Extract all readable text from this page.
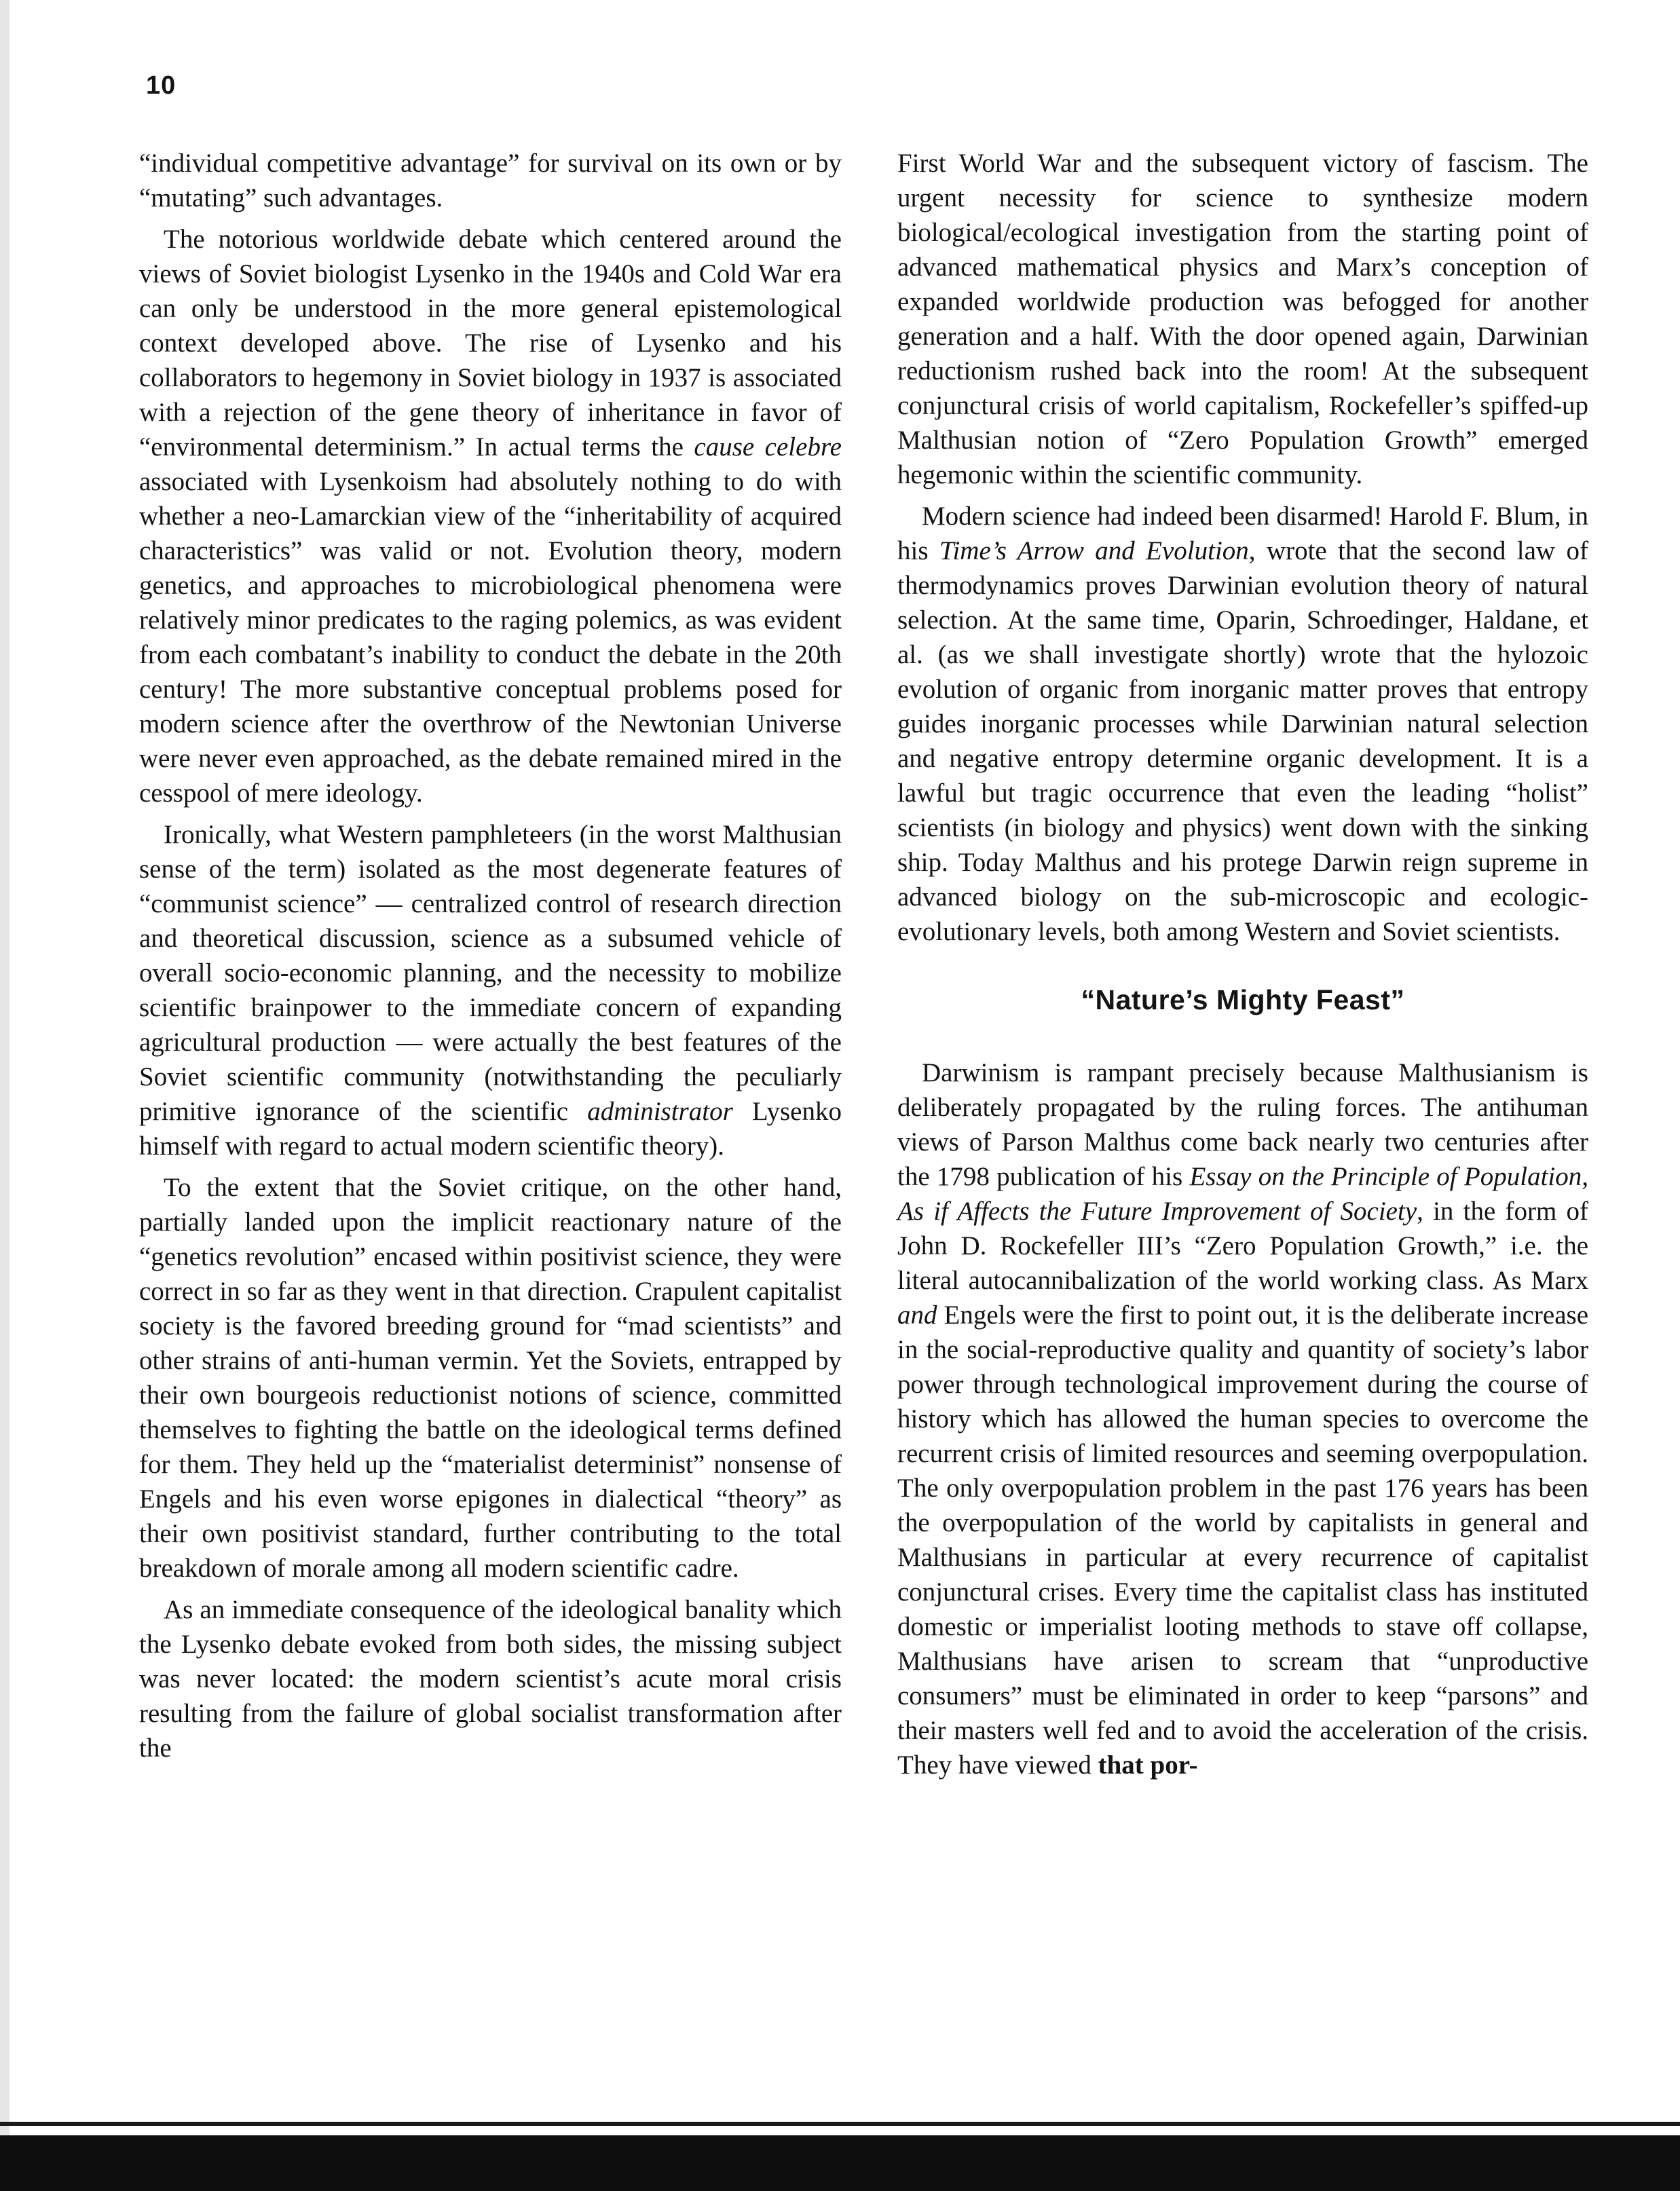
10

“individual competitive advantage” for survival on its own or by “mutating” such advantages.

The notorious worldwide debate which centered around the views of Soviet biologist Lysenko in the 1940s and Cold War era can only be understood in the more general epistemological context developed above. The rise of Lysenko and his collaborators to hegemony in Soviet biology in 1937 is associated with a rejection of the gene theory of inheritance in favor of “environmental determinism.” In actual terms the cause celebre associated with Lysenkoism had absolutely nothing to do with whether a neo-Lamarckian view of the “inheritability of acquired characteristics” was valid or not. Evolution theory, modern genetics, and approaches to microbiological phenomena were relatively minor predicates to the raging polemics, as was evident from each combatant’s inability to conduct the debate in the 20th century! The more substantive conceptual problems posed for modern science after the overthrow of the Newtonian Universe were never even approached, as the debate remained mired in the cesspool of mere ideology.

Ironically, what Western pamphleteers (in the worst Malthusian sense of the term) isolated as the most degenerate features of “communist science” — centralized control of research direction and theoretical discussion, science as a subsumed vehicle of overall socio-economic planning, and the necessity to mobilize scientific brainpower to the immediate concern of expanding agricultural production — were actually the best features of the Soviet scientific community (notwithstanding the peculiarly primitive ignorance of the scientific administrator Lysenko himself with regard to actual modern scientific theory).

To the extent that the Soviet critique, on the other hand, partially landed upon the implicit reactionary nature of the “genetics revolution” encased within positivist science, they were correct in so far as they went in that direction. Crapulent capitalist society is the favored breeding ground for “mad scientists” and other strains of anti-human vermin. Yet the Soviets, entrapped by their own bourgeois reductionist notions of science, committed themselves to fighting the battle on the ideological terms defined for them. They held up the “materialist determinist” nonsense of Engels and his even worse epigones in dialectical “theory” as their own positivist standard, further contributing to the total breakdown of morale among all modern scientific cadre.

As an immediate consequence of the ideological banality which the Lysenko debate evoked from both sides, the missing subject was never located: the modern scientist’s acute moral crisis resulting from the failure of global socialist transformation after the

First World War and the subsequent victory of fascism. The urgent necessity for science to synthesize modern biological/ecological investigation from the starting point of advanced mathematical physics and Marx’s conception of expanded worldwide production was befogged for another generation and a half. With the door opened again, Darwinian reductionism rushed back into the room! At the subsequent conjunctural crisis of world capitalism, Rockefeller’s spiffed-up Malthusian notion of “Zero Population Growth” emerged hegemonic within the scientific community.

Modern science had indeed been disarmed! Harold F. Blum, in his Time’s Arrow and Evolution, wrote that the second law of thermodynamics proves Darwinian evolution theory of natural selection. At the same time, Oparin, Schroedinger, Haldane, et al. (as we shall investigate shortly) wrote that the hylozoic evolution of organic from inorganic matter proves that entropy guides inorganic processes while Darwinian natural selection and negative entropy determine organic development. It is a lawful but tragic occurrence that even the leading “holist” scientists (in biology and physics) went down with the sinking ship. Today Malthus and his protege Darwin reign supreme in advanced biology on the sub-microscopic and ecologic-evolutionary levels, both among Western and Soviet scientists.

“Nature’s Mighty Feast”

Darwinism is rampant precisely because Malthusianism is deliberately propagated by the ruling forces. The antihuman views of Parson Malthus come back nearly two centuries after the 1798 publication of his Essay on the Principle of Population, As if Affects the Future Improvement of Society, in the form of John D. Rockefeller III’s “Zero Population Growth,” i.e. the literal autocannibalization of the world working class. As Marx and Engels were the first to point out, it is the deliberate increase in the social-reproductive quality and quantity of society’s labor power through technological improvement during the course of history which has allowed the human species to overcome the recurrent crisis of limited resources and seeming overpopulation. The only overpopulation problem in the past 176 years has been the overpopulation of the world by capitalists in general and Malthusians in particular at every recurrence of capitalist conjunctural crises. Every time the capitalist class has instituted domestic or imperialist looting methods to stave off collapse, Malthusians have arisen to scream that “unproductive consumers” must be eliminated in order to keep “parsons” and their masters well fed and to avoid the acceleration of the crisis. They have viewed that por-
